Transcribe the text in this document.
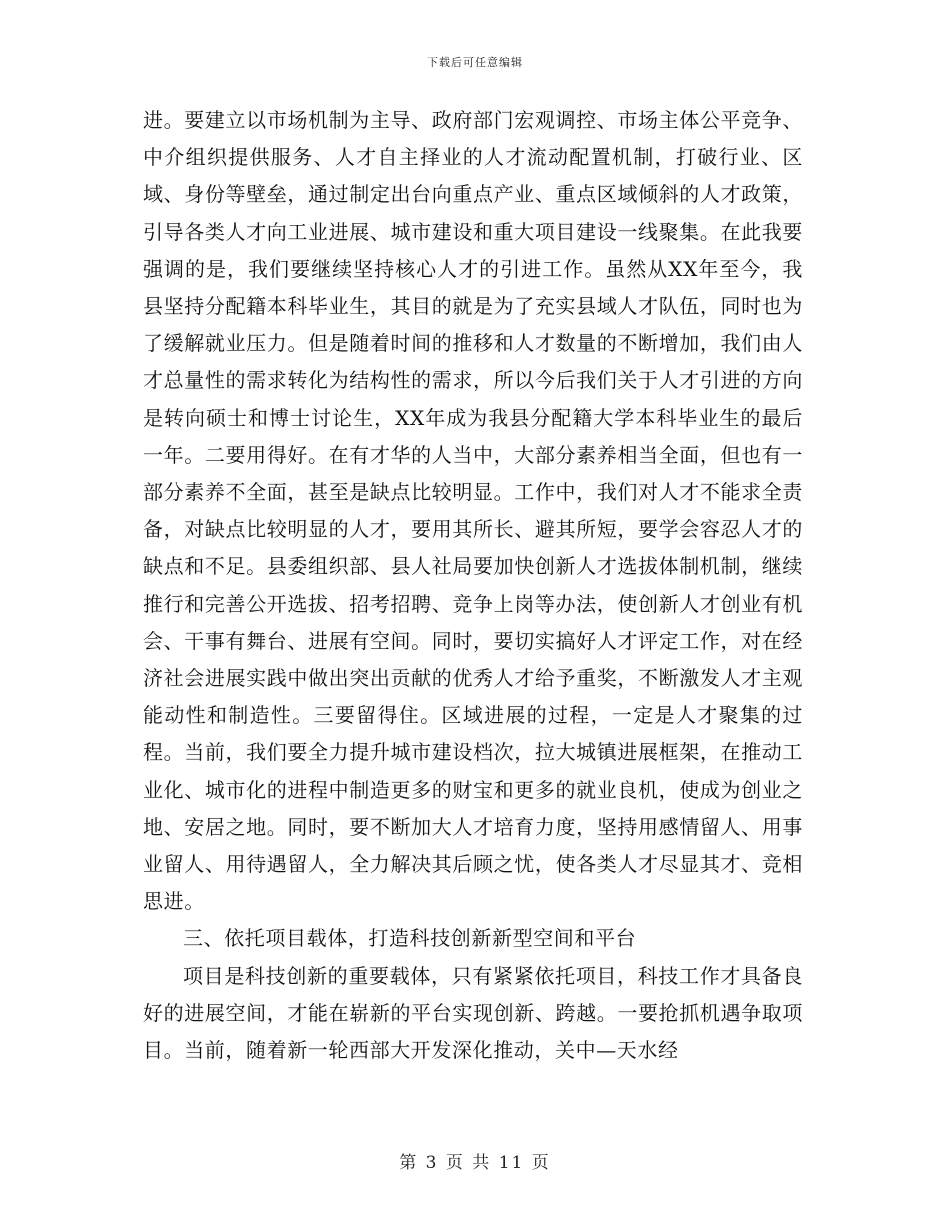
下载后可任意编辑

进。要建立以市场机制为主导、政府部门宏观调控、市场主体公平竞争、中介组织提供服务、人才自主择业的人才流动配置机制，打破行业、区域、身份等壁垒，通过制定出台向重点产业、重点区域倾斜的人才政策，引导各类人才向工业进展、城市建设和重大项目建设一线聚集。在此我要强调的是，我们要继续坚持核心人才的引进工作。虽然从XX年至今，我县坚持分配籍本科毕业生，其目的就是为了充实县域人才队伍，同时也为了缓解就业压力。但是随着时间的推移和人才数量的不断增加，我们由人才总量性的需求转化为结构性的需求，所以今后我们关于人才引进的方向是转向硕士和博士讨论生，XX年成为我县分配籍大学本科毕业生的最后一年。二要用得好。在有才华的人当中，大部分素养相当全面，但也有一部分素养不全面，甚至是缺点比较明显。工作中，我们对人才不能求全责备，对缺点比较明显的人才，要用其所长、避其所短，要学会容忍人才的缺点和不足。县委组织部、县人社局要加快创新人才选拔体制机制，继续推行和完善公开选拔、招考招聘、竞争上岗等办法，使创新人才创业有机会、干事有舞台、进展有空间。同时，要切实搞好人才评定工作，对在经济社会进展实践中做出突出贡献的优秀人才给予重奖，不断激发人才主观能动性和制造性。三要留得住。区域进展的过程，一定是人才聚集的过程。当前，我们要全力提升城市建设档次，拉大城镇进展框架，在推动工业化、城市化的进程中制造更多的财宝和更多的就业良机，使成为创业之地、安居之地。同时，要不断加大人才培育力度，坚持用感情留人、用事业留人、用待遇留人，全力解决其后顾之忧，使各类人才尽显其才、竞相思进。

三、依托项目载体，打造科技创新新型空间和平台

项目是科技创新的重要载体，只有紧紧依托项目，科技工作才具备良好的进展空间，才能在崭新的平台实现创新、跨越。一要抢抓机遇争取项目。当前，随着新一轮西部大开发深化推动，关中—天水经

第 3 页 共 11 页
